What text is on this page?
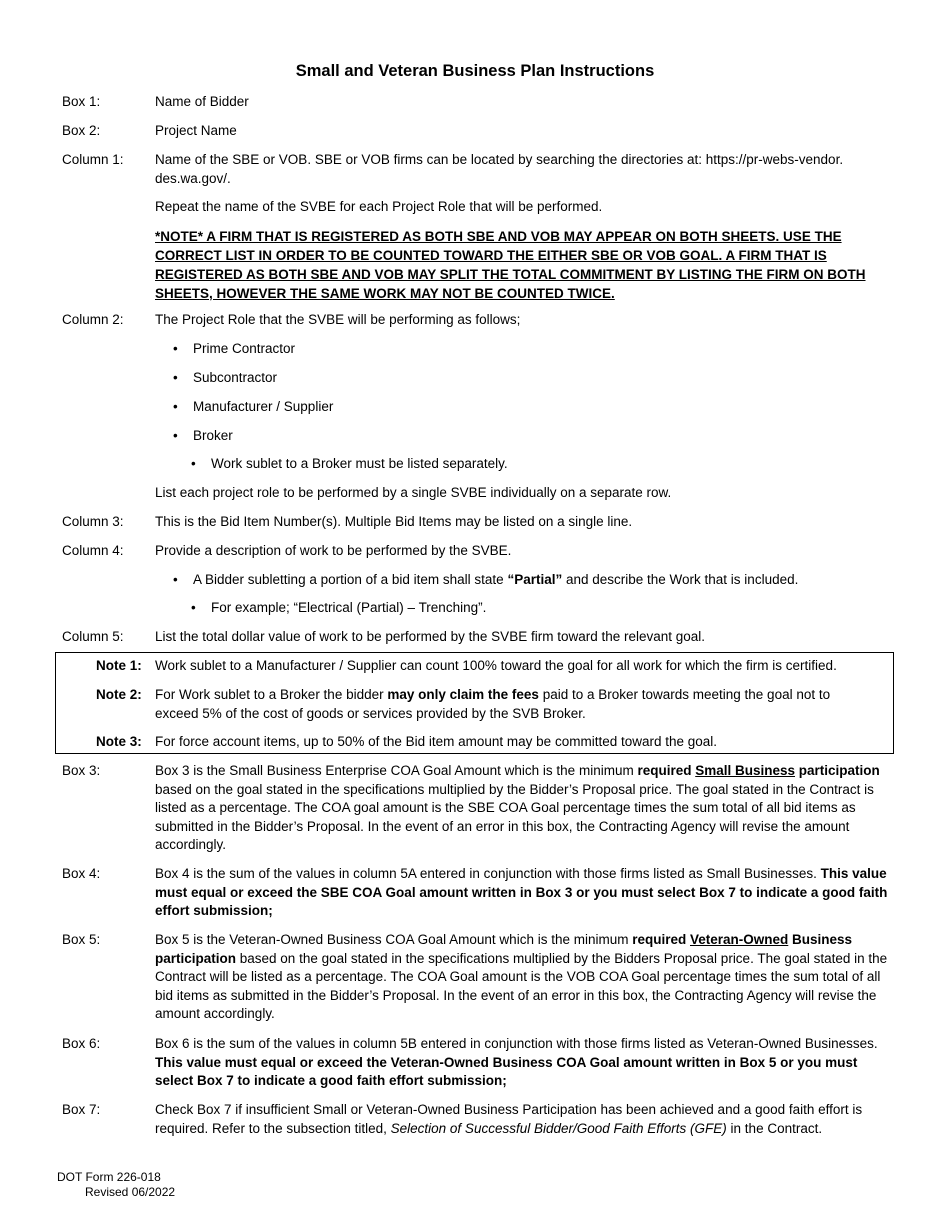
Small and Veteran Business Plan Instructions
Box 1:	Name of Bidder
Box 2:	Project Name
Column 1: Name of the SBE or VOB. SBE or VOB firms can be located by searching the directories at: https://pr-webs-vendor. des.wa.gov/.
Repeat the name of the SVBE for each Project Role that will be performed.
*NOTE* A FIRM THAT IS REGISTERED AS BOTH SBE AND VOB MAY APPEAR ON BOTH SHEETS. USE THE CORRECT LIST IN ORDER TO BE COUNTED TOWARD THE EITHER SBE OR VOB GOAL. A FIRM THAT IS REGISTERED AS BOTH SBE AND VOB MAY SPLIT THE TOTAL COMMITMENT BY LISTING THE FIRM ON BOTH SHEETS, HOWEVER THE SAME WORK MAY NOT BE COUNTED TWICE.
Column 2: The Project Role that the SVBE will be performing as follows;
• Prime Contractor
• Subcontractor
• Manufacturer / Supplier
• Broker
• Work sublet to a Broker must be listed separately.
List each project role to be performed by a single SVBE individually on a separate row.
Column 3: This is the Bid Item Number(s). Multiple Bid Items may be listed on a single line.
Column 4: Provide a description of work to be performed by the SVBE.
• A Bidder subletting a portion of a bid item shall state “Partial” and describe the Work that is included.
• For example; “Electrical (Partial) – Trenching”.
Column 5: List the total dollar value of work to be performed by the SVBE firm toward the relevant goal.
Note 1: Work sublet to a Manufacturer / Supplier can count 100% toward the goal for all work for which the firm is certified.
Note 2: For Work sublet to a Broker the bidder may only claim the fees paid to a Broker towards meeting the goal not to exceed 5% of the cost of goods or services provided by the SVB Broker.
Note 3: For force account items, up to 50% of the Bid item amount may be committed toward the goal.
Box 3:	Box 3 is the Small Business Enterprise COA Goal Amount which is the minimum required Small Business participation based on the goal stated in the specifications multiplied by the Bidder’s Proposal price. The goal stated in the Contract is listed as a percentage. The COA goal amount is the SBE COA Goal percentage times the sum total of all bid items as submitted in the Bidder’s Proposal. In the event of an error in this box, the Contracting Agency will revise the amount accordingly.
Box 4:	Box 4 is the sum of the values in column 5A entered in conjunction with those firms listed as Small Businesses. This value must equal or exceed the SBE COA Goal amount written in Box 3 or you must select Box 7 to indicate a good faith effort submission;
Box 5:	Box 5 is the Veteran-Owned Business COA Goal Amount which is the minimum required Veteran-Owned Business participation based on the goal stated in the specifications multiplied by the Bidders Proposal price. The goal stated in the Contract will be listed as a percentage. The COA Goal amount is the VOB COA Goal percentage times the sum total of all bid items as submitted in the Bidder’s Proposal. In the event of an error in this box, the Contracting Agency will revise the amount accordingly.
Box 6:	Box 6 is the sum of the values in column 5B entered in conjunction with those firms listed as Veteran-Owned Businesses. This value must equal or exceed the Veteran-Owned Business COA Goal amount written in Box 5 or you must select Box 7 to indicate a good faith effort submission;
Box 7:	Check Box 7 if insufficient Small or Veteran-Owned Business Participation has been achieved and a good faith effort is required. Refer to the subsection titled, Selection of Successful Bidder/Good Faith Efforts (GFE) in the Contract.
DOT Form 226-018
Revised 06/2022
